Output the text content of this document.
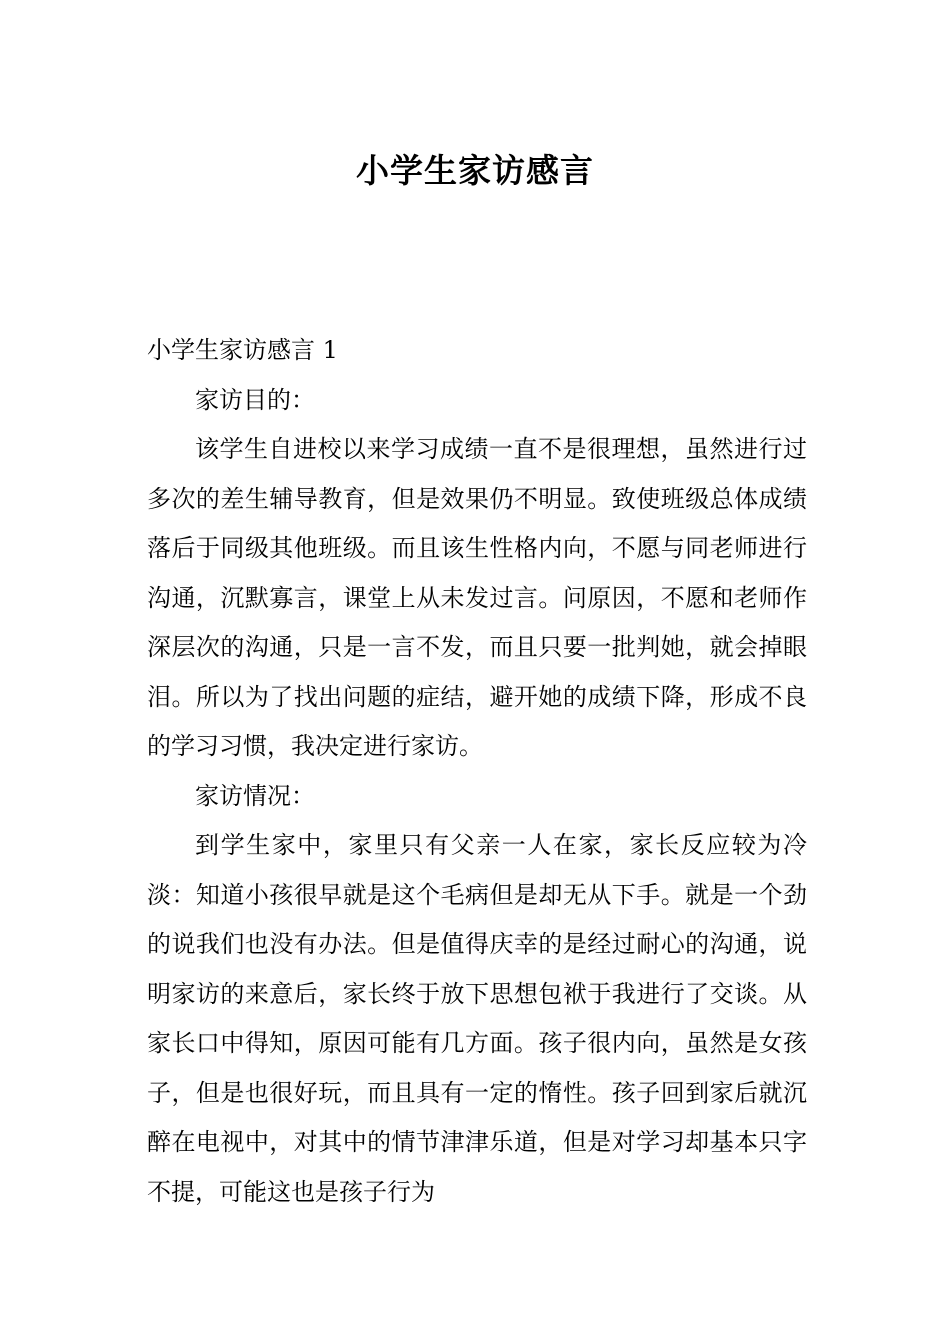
小学生家访感言

小学生家访感言 1

家访目的：

该学生自进校以来学习成绩一直不是很理想，虽然进行过多次的差生辅导教育，但是效果仍不明显。致使班级总体成绩落后于同级其他班级。而且该生性格内向，不愿与同老师进行沟通，沉默寡言，课堂上从未发过言。问原因，不愿和老师作深层次的沟通，只是一言不发，而且只要一批判她，就会掉眼泪。所以为了找出问题的症结，避开她的成绩下降，形成不良的学习习惯，我决定进行家访。

家访情况：

到学生家中，家里只有父亲一人在家，家长反应较为冷淡：知道小孩很早就是这个毛病但是却无从下手。就是一个劲的说我们也没有办法。但是值得庆幸的是经过耐心的沟通，说明家访的来意后，家长终于放下思想包袱于我进行了交谈。从家长口中得知，原因可能有几方面。孩子很内向，虽然是女孩子，但是也很好玩，而且具有一定的惰性。孩子回到家后就沉醉在电视中，对其中的情节津津乐道，但是对学习却基本只字不提，可能这也是孩子行为
